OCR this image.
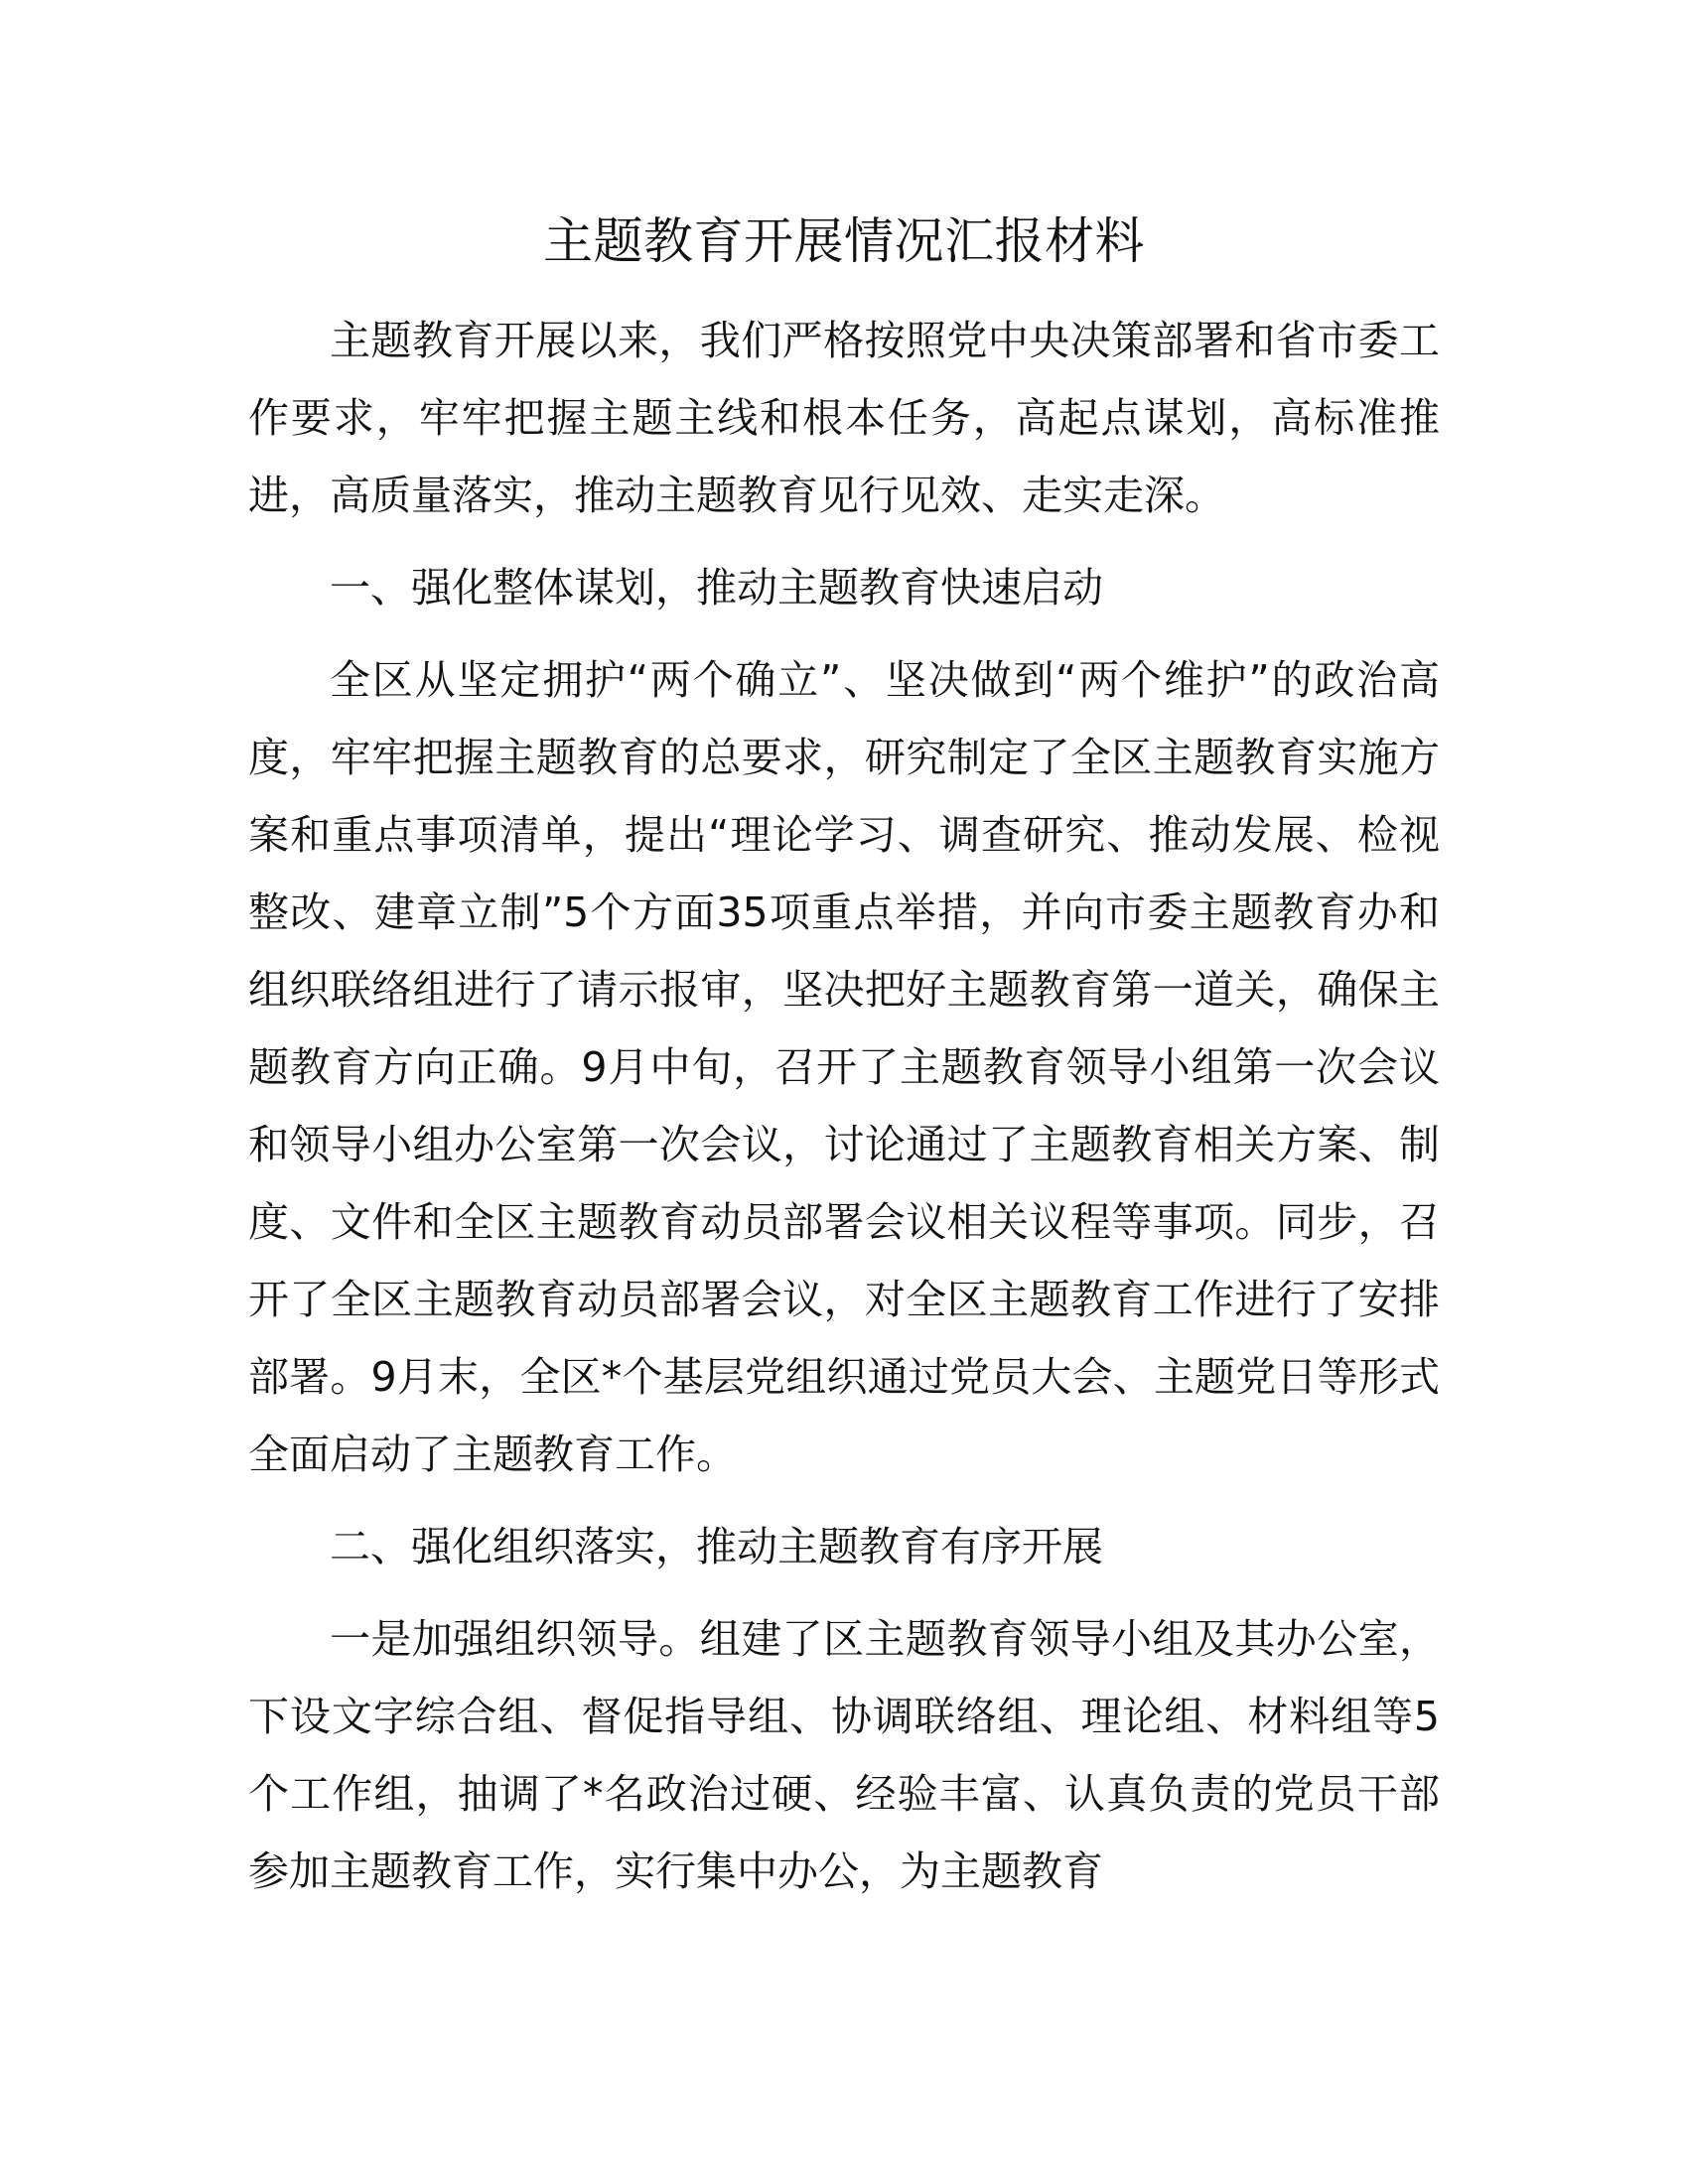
主题教育开展情况汇报材料

主题教育开展以来，我们严格按照党中央决策部署和省市委工作要求，牢牢把握主题主线和根本任务，高起点谋划，高标准推进，高质量落实，推动主题教育见行见效、走实走深。

一、强化整体谋划，推动主题教育快速启动

全区从坚定拥护“两个确立”、坚决做到“两个维护”的政治高度，牢牢把握主题教育的总要求，研究制定了全区主题教育实施方案和重点事项清单，提出“理论学习、调查研究、推动发展、检视整改、建章立制”5个方面35项重点举措，并向市委主题教育办和组织联络组进行了请示报审，坚决把好主题教育第一道关，确保主题教育方向正确。9月中旬，召开了主题教育领导小组第一次会议和领导小组办公室第一次会议，讨论通过了主题教育相关方案、制度、文件和全区主题教育动员部署会议相关议程等事项。同步，召开了全区主题教育动员部署会议，对全区主题教育工作进行了安排部署。9月末，全区*个基层党组织通过党员大会、主题党日等形式全面启动了主题教育工作。

二、强化组织落实，推动主题教育有序开展

一是加强组织领导。组建了区主题教育领导小组及其办公室，下设文字综合组、督促指导组、协调联络组、理论组、材料组等5个工作组，抽调了*名政治过硬、经验丰富、认真负责的党员干部参加主题教育工作，实行集中办公，为主题教育
